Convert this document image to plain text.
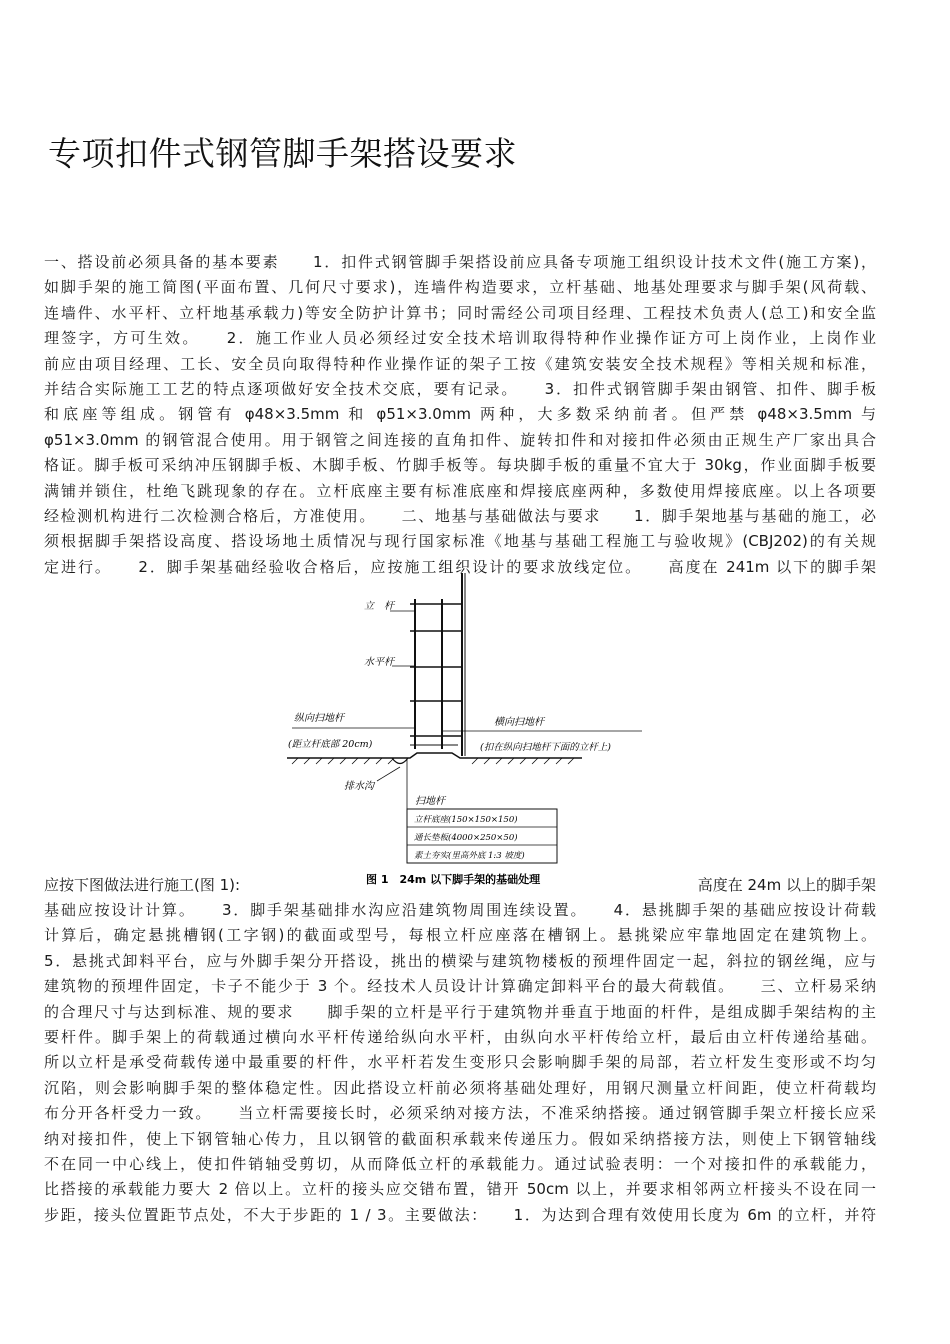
专项扣件式钢管脚手架搭设要求
一、搭设前必须具备的基本要素　　1．扣件式钢管脚手架搭设前应具备专项施工组织设计技术文件(施工方案)，
如脚手架的施工简图(平面布置、几何尺寸要求)，连墙件构造要求，立杆基础、地基处理要求与脚手架(风荷载、
连墙件、水平杆、立杆地基承载力)等安全防护计算书；同时需经公司项目经理、工程技术负责人(总工)和安全监
理签字，方可生效。　　2．施工作业人员必须经过安全技术培训取得特种作业操作证方可上岗作业，上岗作业
前应由项目经理、工长、安全员向取得特种作业操作证的架子工按《建筑安装安全技术规程》等相关规和标准，
并结合实际施工工艺的特点逐项做好安全技术交底，要有记录。　　3．扣件式钢管脚手架由钢管、扣件、脚手板
和底座等组成。钢管有 φ48×3.5mm 和 φ51×3.0mm 两种，大多数采纳前者。但严禁 φ48×3.5mm 与
φ51×3.0mm 的钢管混合使用。用于钢管之间连接的直角扣件、旋转扣件和对接扣件必须由正规生产厂家出具合
格证。脚手板可采纳冲压钢脚手板、木脚手板、竹脚手板等。每块脚手板的重量不宜大于 30kg，作业面脚手板要
满铺并锁住，杜绝飞跳现象的存在。立杆底座主要有标准底座和焊接底座两种，多数使用焊接底座。以上各项要
经检测机构进行二次检测合格后，方准使用。　　二、地基与基础做法与要求　　1．脚手架地基与基础的施工，必
须根据脚手架搭设高度、搭设场地土质情况与现行国家标准《地基与基础工程施工与验收规》(CBJ202)的有关规
定进行。　　2．脚手架基础经验收合格后，应按施工组织设计的要求放线定位。　　高度在 241m 以下的脚手架
立　杆
水平杆
纵向扫地杆
(距立杆底部 20cm)
横向扫地杆
(扣在纵向扫地杆下面的立杆上)
排水沟
扫地杆
立杆底座(150×150×150)
通长垫板(4000×250×50)
素土夯实(里高外底 1:3 坡度)
图 1　24m 以下脚手架的基础处理
应按下图做法进行施工(图 1):	高度在 24m 以上的脚手架
基础应按设计计算。　　3．脚手架基础排水沟应沿建筑物周围连续设置。　　4．悬挑脚手架的基础应按设计荷载
计算后，确定悬挑槽钢(工字钢)的截面或型号，每根立杆应座落在槽钢上。悬挑梁应牢靠地固定在建筑物上。
5．悬挑式卸料平台，应与外脚手架分开搭设，挑出的横梁与建筑物楼板的预埋件固定一起，斜拉的钢丝绳，应与
建筑物的预埋件固定，卡子不能少于 3 个。经技术人员设计计算确定卸料平台的最大荷载值。　　三、立杆易采纳
的合理尺寸与达到标准、规的要求　　脚手架的立杆是平行于建筑物并垂直于地面的杆件，是组成脚手架结构的主
要杆件。脚手架上的荷载通过横向水平杆传递给纵向水平杆，由纵向水平杆传给立杆，最后由立杆传递给基础。
所以立杆是承受荷载传递中最重要的杆件，水平杆若发生变形只会影响脚手架的局部，若立杆发生变形或不均匀
沉陷，则会影响脚手架的整体稳定性。因此搭设立杆前必须将基础处理好，用钢尺测量立杆间距，使立杆荷载均
布分开各杆受力一致。　　当立杆需要接长时，必须采纳对接方法，不准采纳搭接。通过钢管脚手架立杆接长应采
纳对接扣件，使上下钢管轴心传力，且以钢管的截面积承载来传递压力。假如采纳搭接方法，则使上下钢管轴线
不在同一中心线上，使扣件销轴受剪切，从而降低立杆的承载能力。通过试验表明：一个对接扣件的承载能力，
比搭接的承载能力要大 2 倍以上。立杆的接头应交错布置，错开 50cm 以上，并要求相邻两立杆接头不设在同一
步距，接头位置距节点处，不大于步距的 1 / 3。主要做法：　　1．为达到合理有效使用长度为 6m 的立杆，并符
